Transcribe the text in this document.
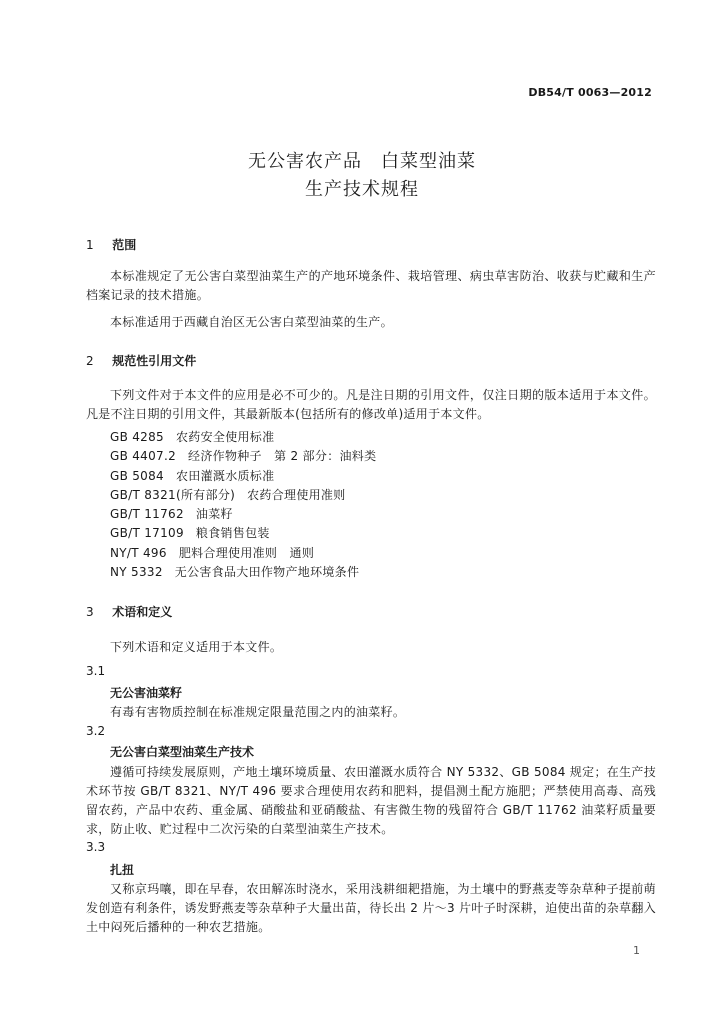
DB54/T 0063—2012
无公害农产品　白菜型油菜
生产技术规程
1 范围
本标准规定了无公害白菜型油菜生产的产地环境条件、栽培管理、病虫草害防治、收获与贮藏和生产档案记录的技术措施。
本标准适用于西藏自治区无公害白菜型油菜的生产。
2 规范性引用文件
下列文件对于本文件的应用是必不可少的。凡是注日期的引用文件，仅注日期的版本适用于本文件。凡是不注日期的引用文件，其最新版本(包括所有的修改单)适用于本文件。
GB 4285 农药安全使用标准
GB 4407.2 经济作物种子　第 2 部分：油料类
GB 5084 农田灌溉水质标准
GB/T 8321(所有部分) 农药合理使用准则
GB/T 11762 油菜籽
GB/T 17109 粮食销售包装
NY/T 496 肥料合理使用准则　通则
NY 5332 无公害食品大田作物产地环境条件
3 术语和定义
下列术语和定义适用于本文件。
3.1
无公害油菜籽
有毒有害物质控制在标准规定限量范围之内的油菜籽。
3.2
无公害白菜型油菜生产技术
遵循可持续发展原则，产地土壤环境质量、农田灌溉水质符合 NY 5332、GB 5084 规定；在生产技术环节按 GB/T 8321、NY/T 496 要求合理使用农药和肥料，提倡测土配方施肥；严禁使用高毒、高残留农药，产品中农药、重金属、硝酸盐和亚硝酸盐、有害微生物的残留符合 GB/T 11762 油菜籽质量要求，防止收、贮过程中二次污染的白菜型油菜生产技术。
3.3
扎扭
又称京玛嚷，即在早春，农田解冻时浇水，采用浅耕细耙措施，为土壤中的野燕麦等杂草种子提前萌发创造有利条件，诱发野燕麦等杂草种子大量出苗，待长出 2 片～3 片叶子时深耕，迫使出苗的杂草翻入土中闷死后播种的一种农艺措施。
1
